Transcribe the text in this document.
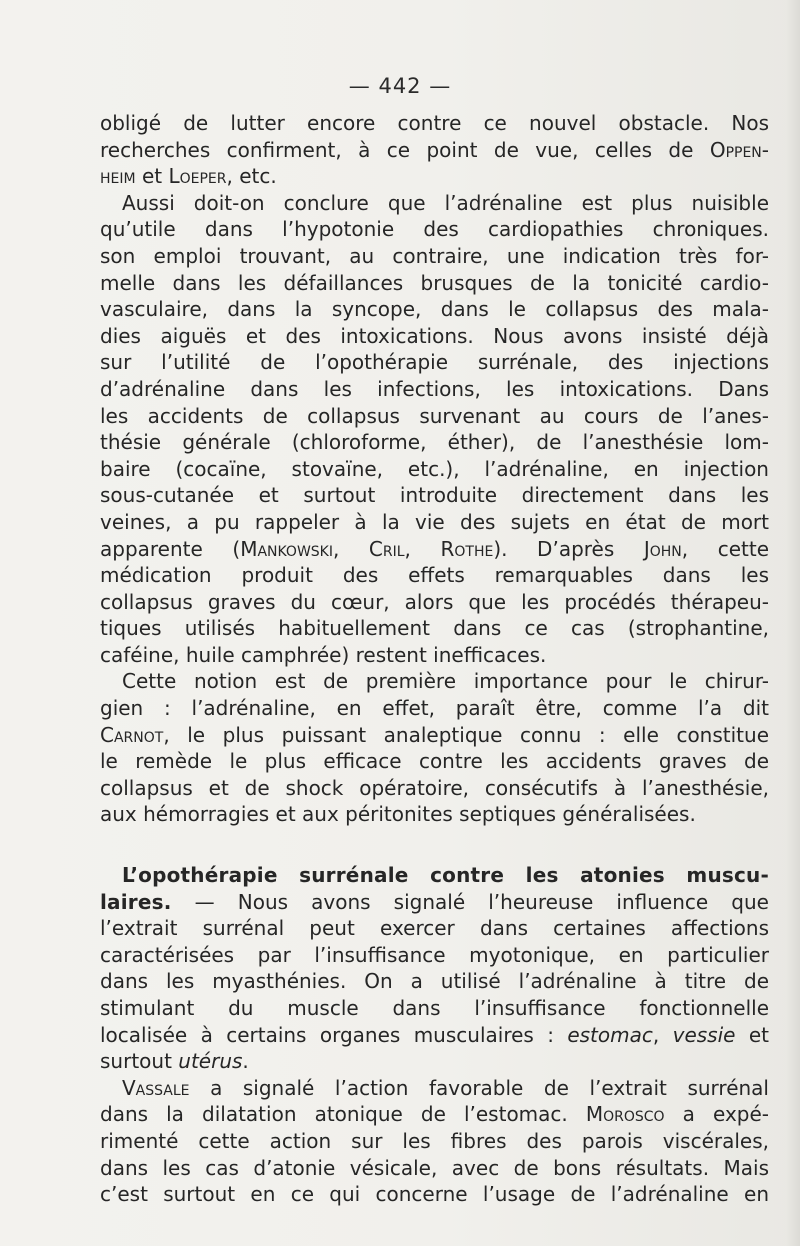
— 442 —
obligé de lutter encore contre ce nouvel obstacle. Nos
recherches confirment, à ce point de vue, celles de Oppen-
heim et Loeper, etc.
Aussi doit-on conclure que l’adrénaline est plus nuisible
qu’utile dans l’hypotonie des cardiopathies chroniques.
son emploi trouvant, au contraire, une indication très for-
melle dans les défaillances brusques de la tonicité cardio-
vasculaire, dans la syncope, dans le collapsus des mala-
dies aiguës et des intoxications. Nous avons insisté déjà
sur l’utilité de l’opothérapie surrénale, des injections
d’adrénaline dans les infections, les intoxications. Dans
les accidents de collapsus survenant au cours de l’anes-
thésie générale (chloroforme, éther), de l’anesthésie lom-
baire (cocaïne, stovaïne, etc.), l’adrénaline, en injection
sous-cutanée et surtout introduite directement dans les
veines, a pu rappeler à la vie des sujets en état de mort
apparente (Mankowski, Cril, Rothe). D’après John, cette
médication produit des effets remarquables dans les
collapsus graves du cœur, alors que les procédés thérapeu-
tiques utilisés habituellement dans ce cas (strophantine,
caféine, huile camphrée) restent inefficaces.
Cette notion est de première importance pour le chirur-
gien : l’adrénaline, en effet, paraît être, comme l’a dit
Carnot, le plus puissant analeptique connu : elle constitue
le remède le plus efficace contre les accidents graves de
collapsus et de shock opératoire, consécutifs à l’anesthésie,
aux hémorragies et aux péritonites septiques généralisées.
L’opothérapie surrénale contre les atonies muscu-
laires. — Nous avons signalé l’heureuse influence que
l’extrait surrénal peut exercer dans certaines affections
caractérisées par l’insuffisance myotonique, en particulier
dans les myasthénies. On a utilisé l’adrénaline à titre de
stimulant du muscle dans l’insuffisance fonctionnelle
localisée à certains organes musculaires : estomac, vessie et
surtout utérus.
Vassale a signalé l’action favorable de l’extrait surrénal
dans la dilatation atonique de l’estomac. Morosco a expé-
rimenté cette action sur les fibres des parois viscérales,
dans les cas d’atonie vésicale, avec de bons résultats. Mais
c’est surtout en ce qui concerne l’usage de l’adrénaline en
